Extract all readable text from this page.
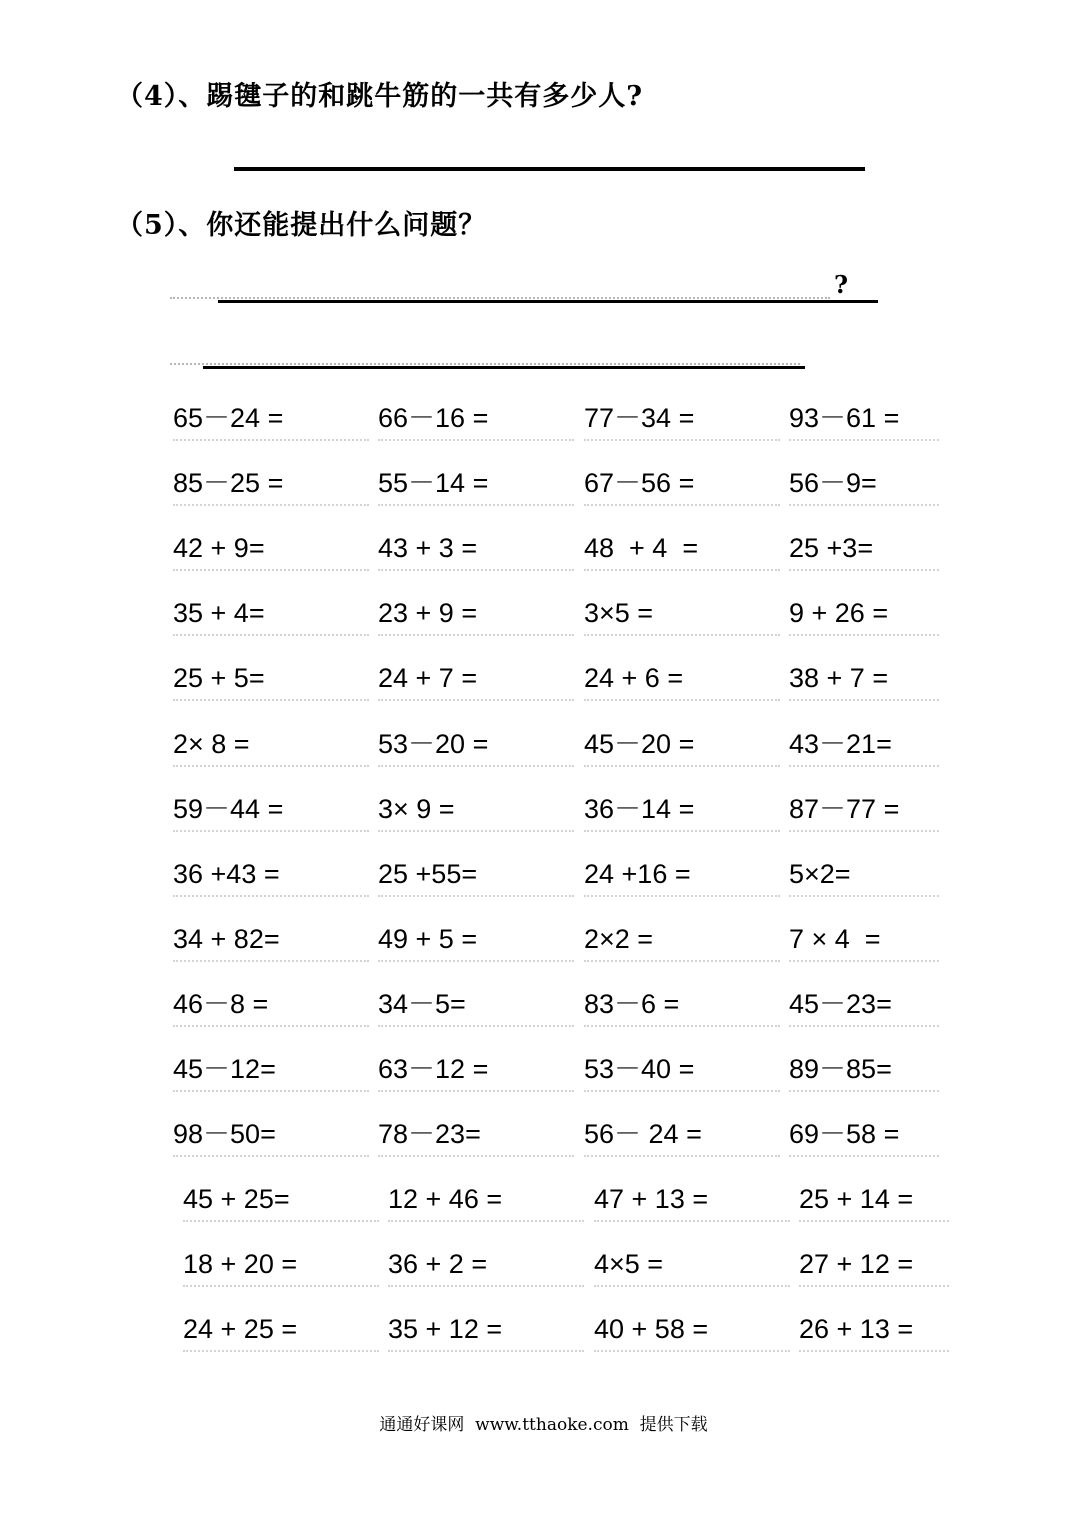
（4）、踢毽子的和跳牛筋的一共有多少人?
（5）、你还能提出什么问题？
?
65－24 =	66－16 =	77－34 =	93－61 =
85－25 =	55－14 =	67－56 =	56－9=
42 + 9=	43 + 3 =	48  + 4  =	25 +3=
35 + 4=	23 + 9 =	3×5 =	9 + 26 =
25 + 5=	24 + 7 =	24 + 6 =	38 + 7 =
2× 8 =	53－20 =	45－20 =	43－21=
59－44 =	3× 9 =	36－14 =	87－77 =
36 +43 =	25 +55=	24 +16 =	5×2=
34 + 82=	49 + 5 =	2×2 =	7 × 4  =
46－8 =	34－5=	83－6 =	45－23=
45－12=	63－12 =	53－40 =	89－85=
98－50=	78－23=	56－ 24 =	69－58 =
45 + 25=	12 + 46 =	47 + 13 =	25 + 14 =
18 + 20 =	36 + 2 =	4×5 =	27 + 12 =
24 + 25 =	35 + 12 =	40 + 58 =	26 + 13 =
通通好课网  www.tthaoke.com  提供下载
